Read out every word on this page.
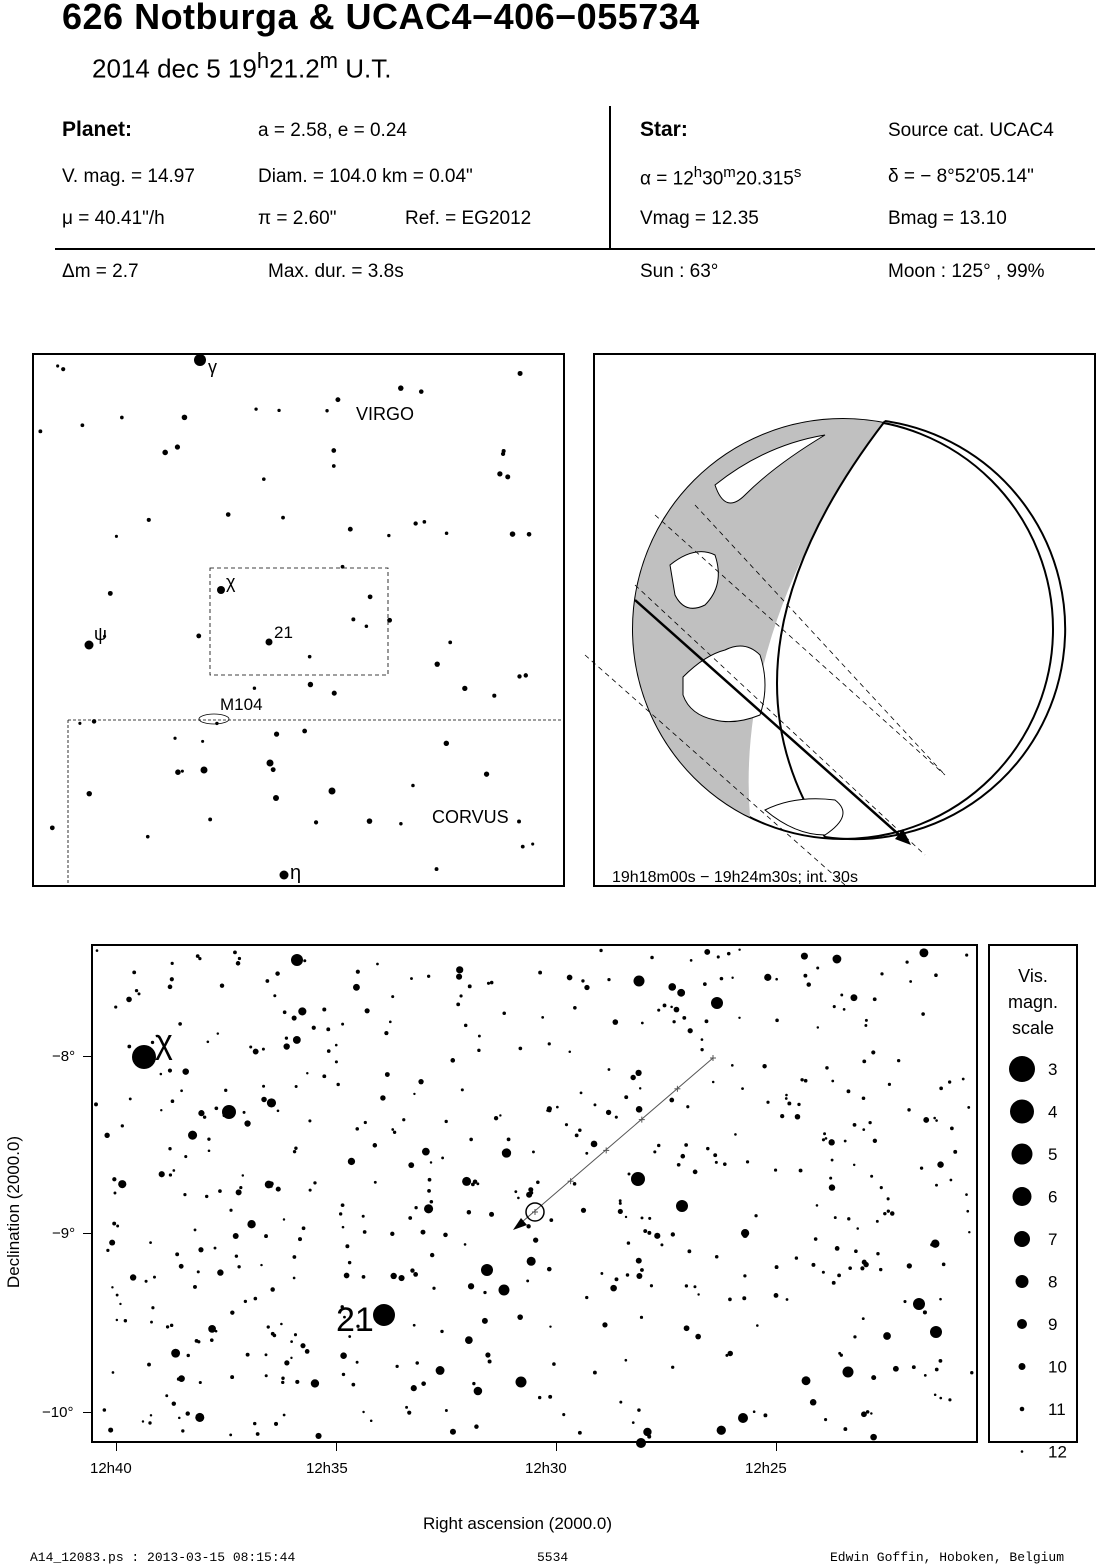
626 Notburga & UCAC4−406−055734
2014 dec 5 19$^h$21.2$^m$ U.T.
Planet:	a = 2.58, e = 0.24
V. mag. = 14.97	Diam. = 104.0 km = 0.04"
μ = 40.41"/h	π = 2.60"	Ref. = EG2012
Star:	Source cat. UCAC4
$\alpha = 12^h30^m20.315^s$	δ = − 8°52'05.14"
Vmag = 12.35	Bmag = 13.10
Δm = 2.7	Max. dur. = 3.8s	Sun : 63°	Moon : 125° , 99%
VIRGO
CORVUS
M104
γ
χ
ψ
η
21
19h18m00s − 19h24m30s; int. 30s
χ
21
−8°
−9°
−10°
12h40	12h35	12h30	12h25
Right ascension (2000.0)
Declination (2000.0)
Vis.
magn.
scale
3
4
5
6
7
8
9
10
11
12
A14_12083.ps : 2013-03-15 08:15:44	5534	Edwin Goffin, Hoboken, Belgium
